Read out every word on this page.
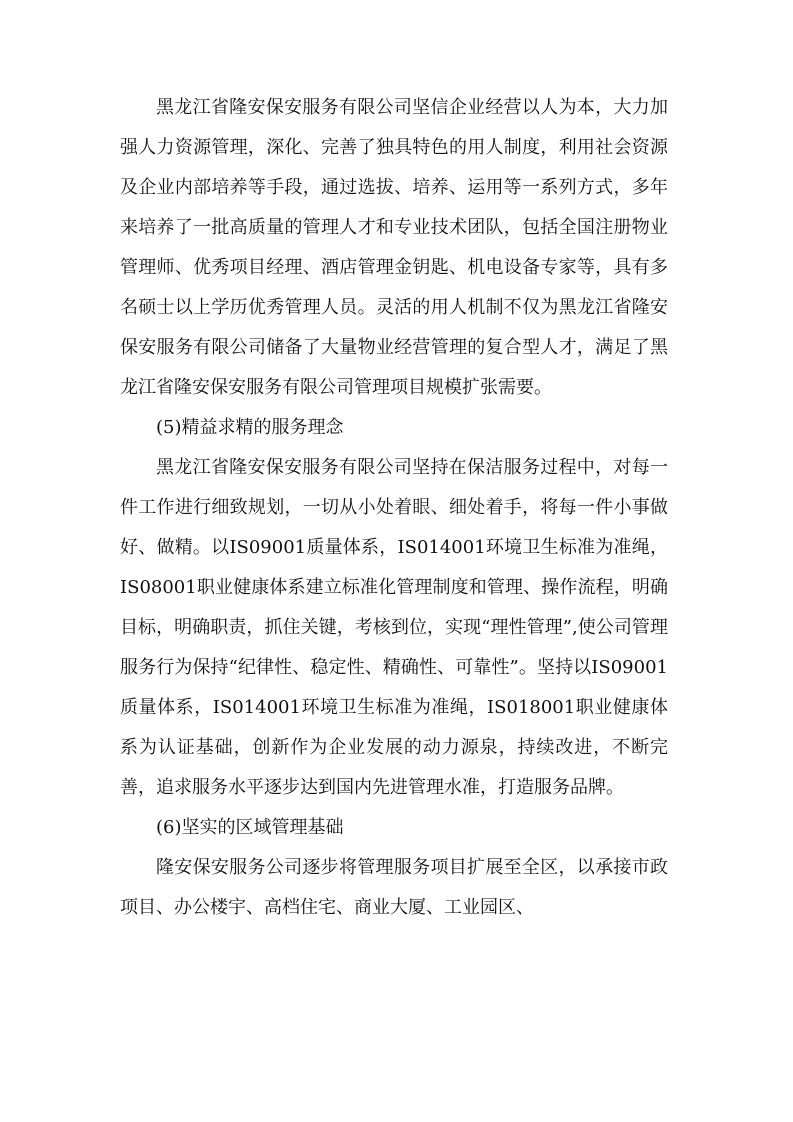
黑龙江省隆安保安服务有限公司坚信企业经营以人为本，大力加强人力资源管理，深化、完善了独具特色的用人制度，利用社会资源及企业内部培养等手段，通过选拔、培养、运用等一系列方式，多年来培养了一批高质量的管理人才和专业技术团队，包括全国注册物业管理师、优秀项目经理、酒店管理金钥匙、机电设备专家等，具有多名硕士以上学历优秀管理人员。灵活的用人机制不仅为黑龙江省隆安保安服务有限公司储备了大量物业经营管理的复合型人才，满足了黑龙江省隆安保安服务有限公司管理项目规模扩张需要。

(5)精益求精的服务理念

黑龙江省隆安保安服务有限公司坚持在保洁服务过程中，对每一件工作进行细致规划，一切从小处着眼、细处着手，将每一件小事做好、做精。以IS09001质量体系，IS014001环境卫生标准为准绳，IS08001职业健康体系建立标准化管理制度和管理、操作流程，明确目标，明确职责，抓住关键，考核到位，实现“理性管理”,使公司管理服务行为保持“纪律性、稳定性、精确性、可靠性”。坚持以IS09001质量体系，IS014001环境卫生标准为准绳，IS018001职业健康体系为认证基础，创新作为企业发展的动力源泉，持续改进，不断完善，追求服务水平逐步达到国内先进管理水准，打造服务品牌。

(6)坚实的区域管理基础

隆安保安服务公司逐步将管理服务项目扩展至全区，以承接市政项目、办公楼宇、高档住宅、商业大厦、工业园区、
